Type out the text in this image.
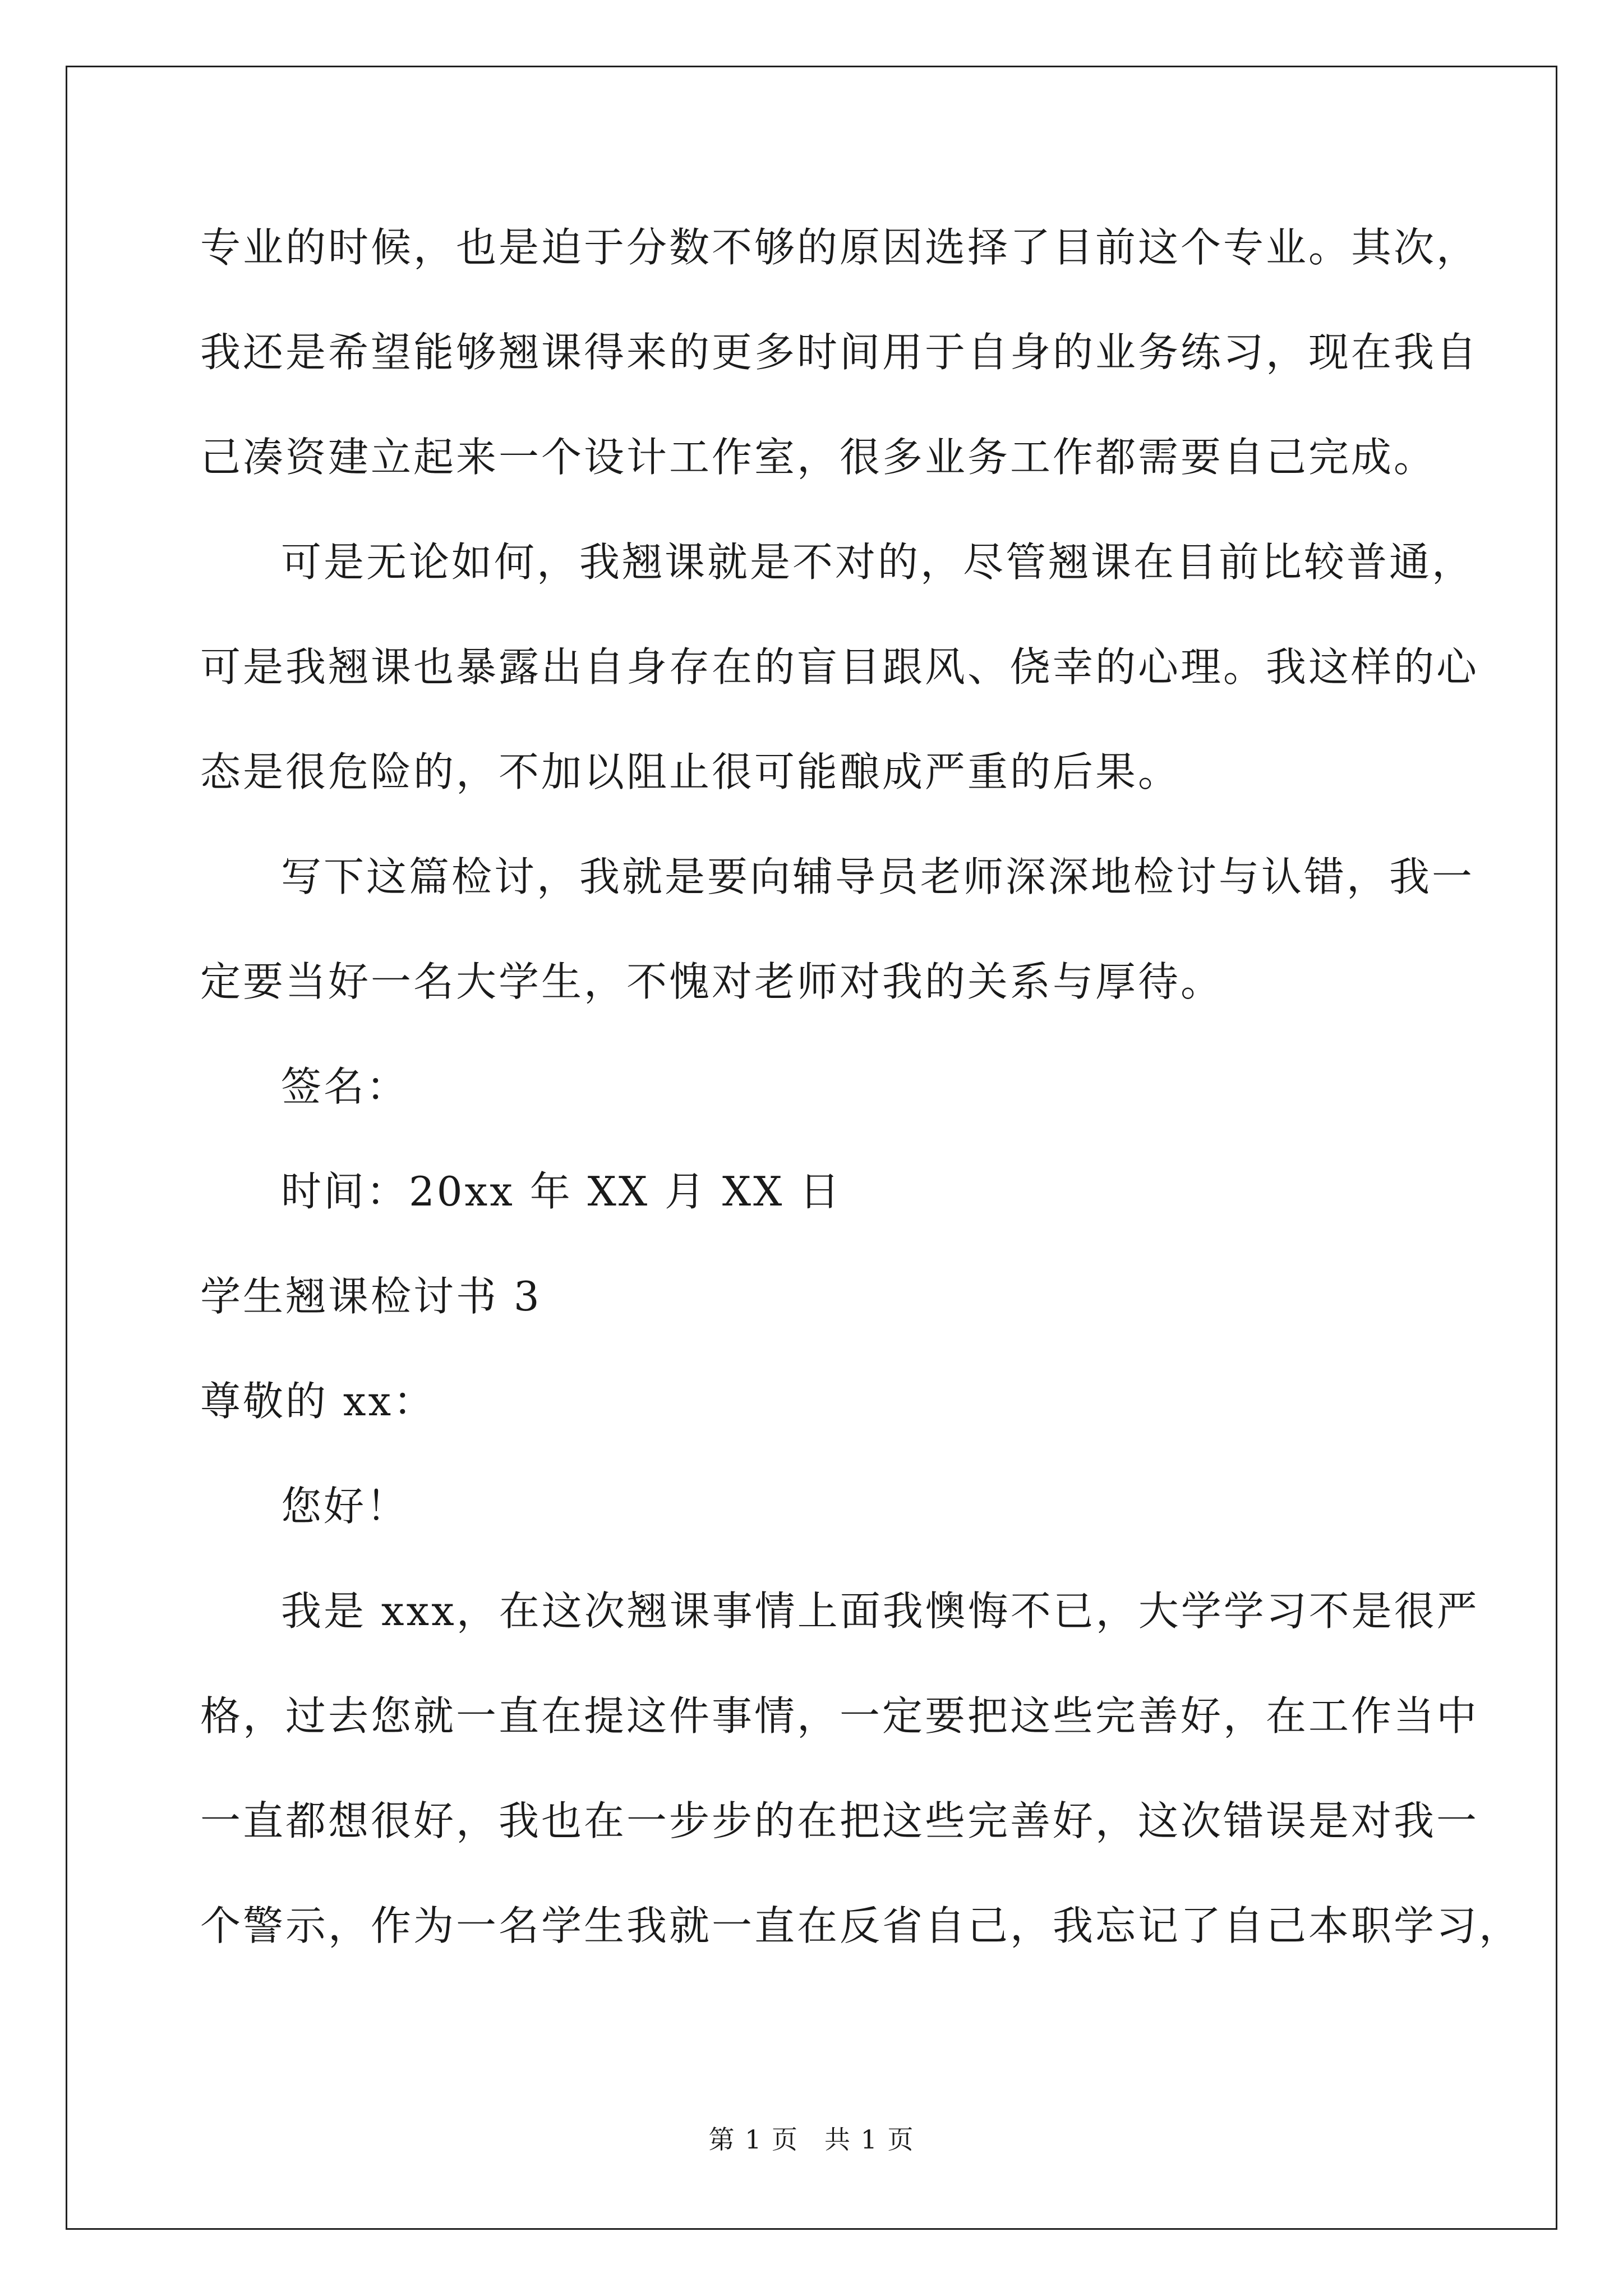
专业的时候，也是迫于分数不够的原因选择了目前这个专业。其次，
我还是希望能够翘课得来的更多时间用于自身的业务练习，现在我自
己凑资建立起来一个设计工作室，很多业务工作都需要自己完成。
可是无论如何，我翘课就是不对的，尽管翘课在目前比较普通，
可是我翘课也暴露出自身存在的盲目跟风、侥幸的心理。我这样的心
态是很危险的，不加以阻止很可能酿成严重的后果。
写下这篇检讨，我就是要向辅导员老师深深地检讨与认错，我一
定要当好一名大学生，不愧对老师对我的关系与厚待。
签名：
时间：20xx 年 XX 月 XX 日
学生翘课检讨书 3
尊敬的 xx：
您好！
我是 xxx，在这次翘课事情上面我懊悔不已，大学学习不是很严
格，过去您就一直在提这件事情，一定要把这些完善好，在工作当中
一直都想很好，我也在一步步的在把这些完善好，这次错误是对我一
个警示，作为一名学生我就一直在反省自己，我忘记了自己本职学习，
第 1 页 共 1 页
